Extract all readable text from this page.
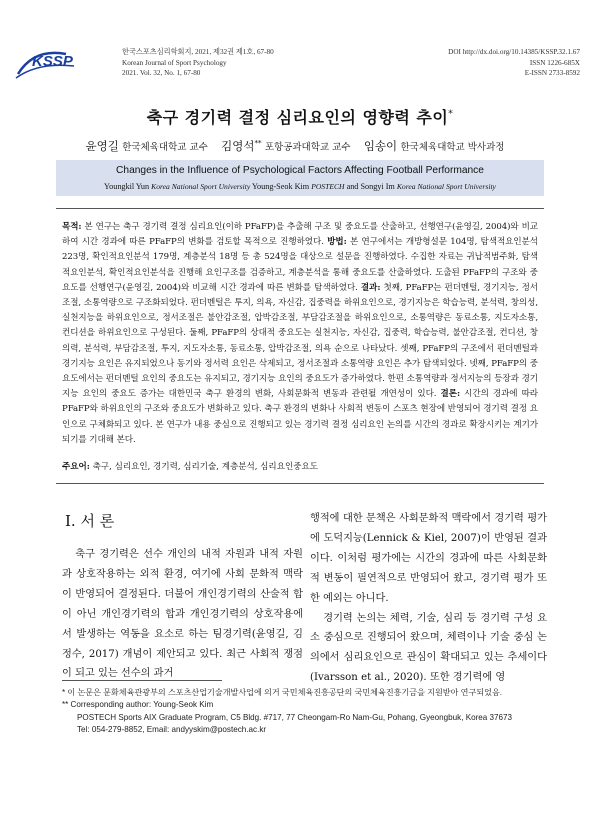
KSSP
한국스포츠심리학회지, 2021, 제32권 제1호, 67-80
Korean Journal of Sport Psychology
2021. Vol. 32, No. 1, 67-80
DOI http://dx.doi.org/10.14385/KSSP.32.1.67
ISSN 1226-685X
E-ISSN 2733-8592
축구 경기력 결정 심리요인의 영향력 추이*
윤영길 한국체육대학교 교수 김영석** 포항공과대학교 교수 임송이 한국체육대학교 박사과정
Changes in the Influence of Psychological Factors Affecting Football Performance
Youngkil Yun Korea National Sport University Young-Seok Kim POSTECH and Songyi Im Korea National Sport University
목적: 본 연구는 축구 경기력 결정 심리요인(이하 PFaFP)을 추출해 구조 및 중요도를 산출하고, 선행연구(윤영길, 2004)와 비교하여 시간 경과에 따른 PFaFP의 변화를 검토할 목적으로 진행하였다. 방법: 본 연구에서는 개방형설문 104명, 탐색적요인분석 223명, 확인적요인분석 179명, 계층분석 18명 등 총 524명을 대상으로 설문을 진행하였다. 수집한 자료는 귀납적범주화, 탐색적요인분석, 확인적요인분석을 진행해 요인구조를 검증하고, 계층분석을 통해 중요도를 산출하였다. 도출된 PFaFP의 구조와 중요도를 선행연구(윤영길, 2004)와 비교해 시간 경과에 따른 변화를 탐색하였다. 결과: 첫째, PFaFP는 펀더멘털, 경기지능, 정서조절, 소통역량으로 구조화되었다. 펀더멘털은 투지, 의욕, 자신감, 집중력을 하위요인으로, 경기지능은 학습능력, 분석력, 창의성, 실천지능을 하위요인으로, 정서조절은 불안감조절, 압박감조절, 부담감조절을 하위요인으로, 소통역량은 동료소통, 지도자소통, 컨디션을 하위요인으로 구성된다. 둘째, PFaFP의 상대적 중요도는 실천지능, 자신감, 집중력, 학습능력, 불안감조절, 컨디션, 창의력, 분석력, 부담감조절, 투지, 지도자소통, 동료소통, 압박감조절, 의욕 순으로 나타났다. 셋째, PFaFP의 구조에서 펀더멘털과 경기지능 요인은 유지되었으나 동기와 정서력 요인은 삭제되고, 정서조절과 소통역량 요인은 추가 탐색되었다. 넷째, PFaFP의 중요도에서는 펀더멘털 요인의 중요도는 유지되고, 경기지능 요인의 중요도가 증가하였다. 한편 소통역량과 정서지능의 등장과 경기지능 요인의 중요도 증가는 대한민국 축구 환경의 변화, 사회문화적 변동과 관련될 개연성이 있다. 결론: 시간의 경과에 따라 PFaFP와 하위요인의 구조와 중요도가 변화하고 있다. 축구 환경의 변화나 사회적 변동이 스포츠 현장에 반영되어 경기력 결정 요인으로 구체화되고 있다. 본 연구가 내용 중심으로 진행되고 있는 경기력 결정 심리요인 논의를 시간의 경과로 확장시키는 계기가 되기를 기대해 본다.
주요어: 축구, 심리요인, 경기력, 심리기술, 계층분석, 심리요인중요도
Ⅰ. 서 론
축구 경기력은 선수 개인의 내적 자원과 내적 자원과 상호작용하는 외적 환경, 여기에 사회 문화적 맥락이 반영되어 결정된다. 더불어 개인경기력의 산술적 합이 아닌 개인경기력의 합과 개인경기력의 상호작용에서 발생하는 역동을 요소로 하는 팀경기력(윤영길, 김정수, 2017) 개념이 제안되고 있다. 최근 사회적 쟁점이 되고 있는 선수의 과거
행적에 대한 문책은 사회문화적 맥락에서 경기력 평가에 도덕지능(Lennick & Kiel, 2007)이 반영된 결과이다. 이처럼 평가에는 시간의 경과에 따른 사회문화적 변동이 필연적으로 반영되어 왔고, 경기력 평가 또한 예외는 아니다.
경기력 논의는 체력, 기술, 심리 등 경기력 구성 요소 중심으로 진행되어 왔으며, 체력이나 기술 중심 논의에서 심리요인으로 관심이 확대되고 있는 추세이다(Ivarsson et al., 2020). 또한 경기력에 영
* 이 논문은 문화체육관광부의 스포츠산업기술개발사업에 의거 국민체육진흥공단의 국민체육진흥기금을 지원받아 연구되었음.
** Corresponding author: Young-Seok Kim
POSTECH Sports AIX Graduate Program, C5 Bldg. #717, 77 Cheongam-Ro Nam-Gu, Pohang, Gyeongbuk, Korea 37673
Tel: 054-279-8852, Email: andyyskim@postech.ac.kr
